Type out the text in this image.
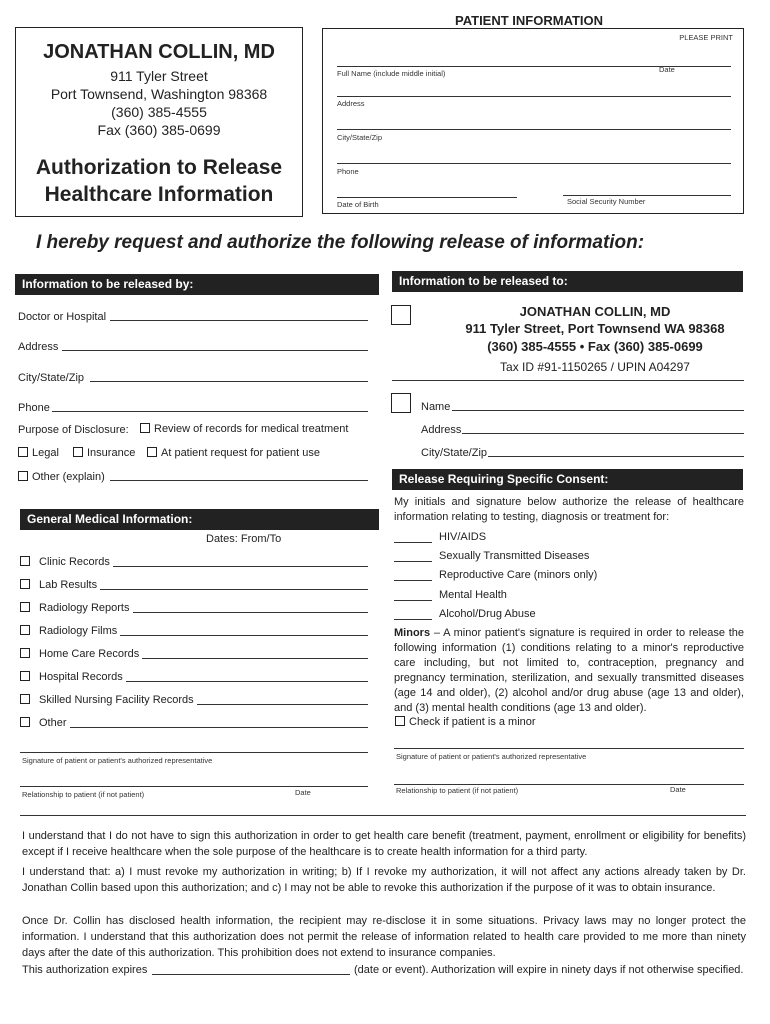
JONATHAN COLLIN, MD
911 Tyler Street
Port Townsend, Washington 98368
(360) 385-4555
Fax (360) 385-0699
Authorization to Release
Healthcare Information
PATIENT INFORMATION
PLEASE PRINT
Full Name (include middle initial)	Date
Address
City/State/Zip
Phone
Date of Birth	Social Security Number
I hereby request and authorize the following release of information:
Information to be released by:
Doctor or Hospital
Address
City/State/Zip
Phone
Purpose of Disclosure:	Review of records for medical treatment
Legal	Insurance	At patient request for patient use
Other (explain)
General Medical Information:
Dates: From/To
Clinic Records
Lab Results
Radiology Reports
Radiology Films
Home Care Records
Hospital Records
Skilled Nursing Facility Records
Other
Signature of patient or patient's authorized representative
Relationship to patient (if not patient)	Date
Information to be released to:
JONATHAN COLLIN, MD
911 Tyler Street, Port Townsend WA 98368
(360) 385-4555 • Fax (360) 385-0699
Tax ID #91-1150265 / UPIN A04297
Name
Address
City/State/Zip
Release Requiring Specific Consent:
My initials and signature below authorize the release of healthcare information relating to testing, diagnosis or treatment for:
HIV/AIDS
Sexually Transmitted Diseases
Reproductive Care (minors only)
Mental Health
Alcohol/Drug Abuse
Minors – A minor patient's signature is required in order to release the following information (1) conditions relating to a minor's reproductive care including, but not limited to, contraception, pregnancy and pregnancy termination, sterilization, and sexually transmitted diseases (age 14 and older), (2) alcohol and/or drug abuse (age 13 and older), and (3) mental health conditions (age 13 and older).
Check if patient is a minor
Signature of patient or patient's authorized representative
Relationship to patient (if not patient)	Date
I understand that I do not have to sign this authorization in order to get health care benefit (treatment, payment, enrollment or eligibility for benefits) except if I receive healthcare when the sole purpose of the healthcare is to create health information for a third party.
I understand that: a) I must revoke my authorization in writing; b) If I revoke my authorization, it will not affect any actions already taken by Dr. Jonathan Collin based upon this authorization; and c) I may not be able to revoke this authorization if the purpose of it was to obtain insurance.
Once Dr. Collin has disclosed health information, the recipient may re-disclose it in some situations. Privacy laws may no longer protect the information. I understand that this authorization does not permit the release of information related to health care provided to me more than ninety days after the date of this authorization. This prohibition does not extend to insurance companies.
This authorization expires	(date or event). Authorization will expire in ninety days if not otherwise specified.
